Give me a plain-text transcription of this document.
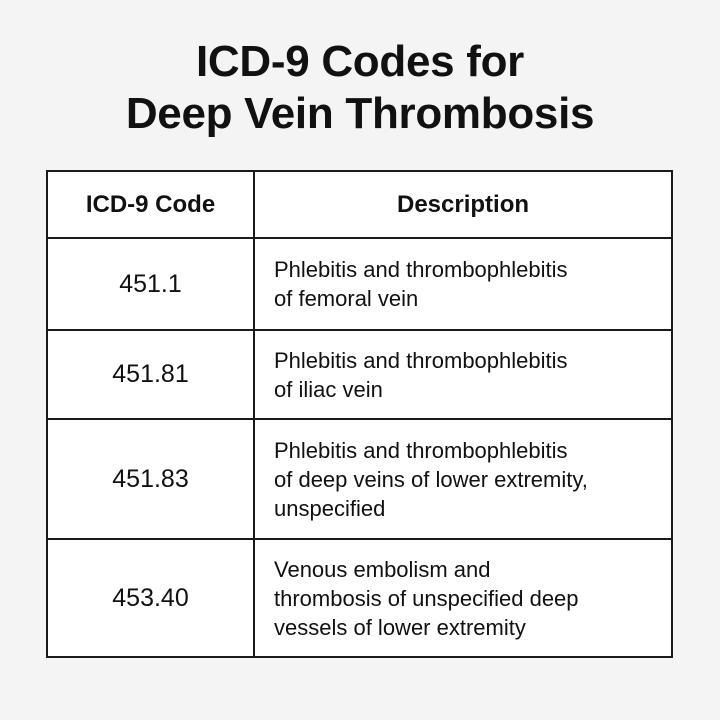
ICD-9 Codes for
Deep Vein Thrombosis
ICD-9 Code	Description
451.1	Phlebitis and thrombophlebitis
of femoral vein

451.81	Phlebitis and thrombophlebitis
of iliac vein

451.83	Phlebitis and thrombophlebitis
of deep veins of lower extremity,
unspecified

453.40	Venous embolism and
thrombosis of unspecified deep
vessels of lower extremity
